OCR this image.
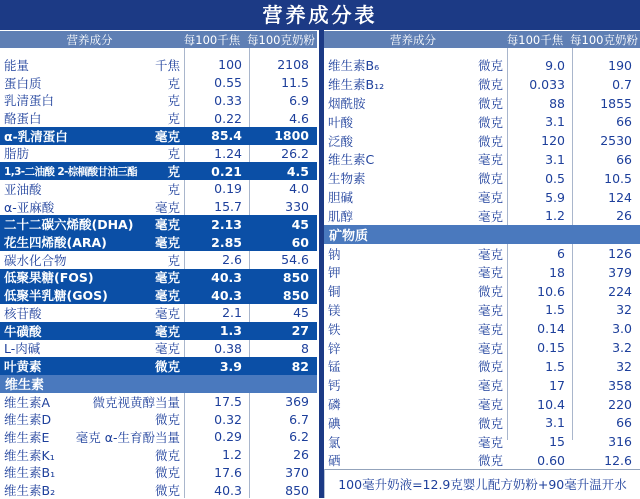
营养成分表
营养成分	每100千焦 每100克奶粉
能量	千焦	100	2108
蛋白质	克	0.55	11.5
乳清蛋白	克	0.33	6.9
酪蛋白	克	0.22	4.6
α-乳清蛋白	毫克	85.4	1800
脂肪	克	1.24	26.2
1,3-二油酸 2-棕榈酸甘油三酯	克	0.21	4.5
亚油酸	克	0.19	4.0
α-亚麻酸	毫克	15.7	330
二十二碳六烯酸(DHA)	毫克	2.13	45
花生四烯酸(ARA)	毫克	2.85	60
碳水化合物	克	2.6	54.6
低聚果糖(FOS)	毫克	40.3	850
低聚半乳糖(GOS)	毫克	40.3	850
核苷酸	毫克	2.1	45
牛磺酸	毫克	1.3	27
L-肉碱	毫克	0.38	8
叶黄素	微克	3.9	82
维生素
维生素A	微克视黄醇当量	17.5	369
维生素D	微克	0.32	6.7
维生素E	毫克 α-生育酚当量	0.29	6.2
维生素K₁	微克	1.2	26
维生素B₁	微克	17.6	370
维生素B₂	微克	40.3	850
营养成分	每100千焦 每100克奶粉
维生素B₆	微克	9.0	190
维生素B₁₂	微克	0.033	0.7
烟酰胺	微克	88	1855
叶酸	微克	3.1	66
泛酸	微克	120	2530
维生素C	毫克	3.1	66
生物素	微克	0.5	10.5
胆碱	毫克	5.9	124
肌醇	毫克	1.2	26
矿物质
钠	毫克	6	126
钾	毫克	18	379
铜	微克	10.6	224
镁	毫克	1.5	32
铁	毫克	0.14	3.0
锌	毫克	0.15	3.2
锰	微克	1.5	32
钙	毫克	17	358
磷	毫克	10.4	220
碘	微克	3.1	66
氯	毫克	15	316
硒	微克	0.60	12.6
100毫升奶液=12.9克婴儿配方奶粉+90毫升温开水
